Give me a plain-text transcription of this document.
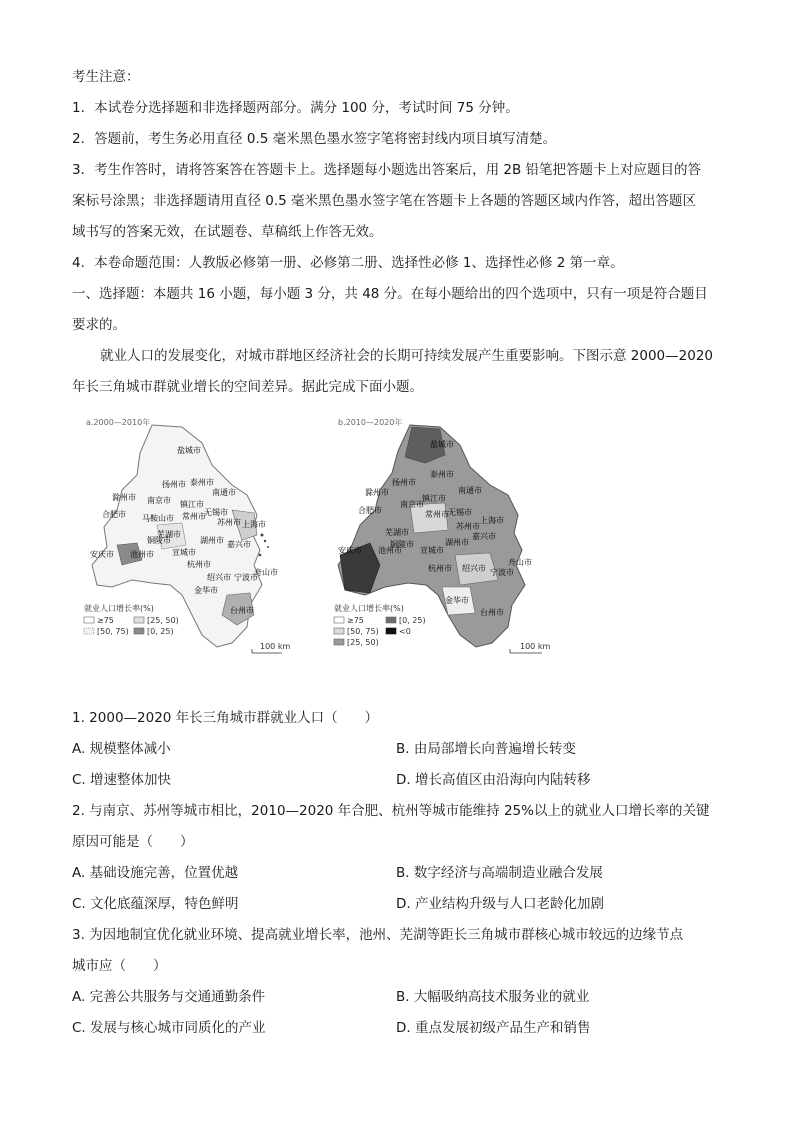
考生注意：
1．本试卷分选择题和非选择题两部分。满分 100 分，考试时间 75 分钟。
2．答题前，考生务必用直径 0.5 毫米黑色墨水签字笔将密封线内项目填写清楚。
3．考生作答时，请将答案答在答题卡上。选择题每小题选出答案后，用 2B 铅笔把答题卡上对应题目的答
案标号涂黑；非选择题请用直径 0.5 毫米黑色墨水签字笔在答题卡上各题的答题区域内作答，超出答题区
域书写的答案无效，在试题卷、草稿纸上作答无效。
4．本卷命题范围：人教版必修第一册、必修第二册、选择性必修 1、选择性必修 2 第一章。
一、选择题：本题共 16 小题，每小题 3 分，共 48 分。在每小题给出的四个选项中，只有一项是符合题目
要求的。
就业人口的发展变化，对城市群地区经济社会的长期可持续发展产生重要影响。下图示意 2000—2020
年长三角城市群就业增长的空间差异。据此完成下面小题。
a.2000—2010年
盐城市
滁州市
扬州市 泰州市
南通市
南京市 镇江市
常州市
无锡市
合肥市
芜湖市
马鞍山市	苏州市 上海市
安庆市 池州市 宣城市
湖州市 嘉兴市
杭州市
铜陵市
绍兴市 宁波市
金华市
舟山市
台州市
就业人口增长率(%)
≥75	[25, 50)
[50, 75) [0, 25)
100 km
b.2010—2020年
盐城市
滁州市
泰州市
南京市
扬州市
南通市
镇江市
常州市 无锡市
上海市
合肥市
芜湖市
苏州市
嘉兴市
安庆市 池州市
铜陵市
宣城市
湖州市
杭州市 绍兴市 宁波市
舟山市
金华市
台州市
就业人口增长率(%)
≥75	[0, 25)
[50, 75)	<0
[25, 50)	100 km
1. 2000—2020 年长三角城市群就业人口（　　）
A. 规模整体减小	B. 由局部增长向普遍增长转变
C. 增速整体加快	D. 增长高值区由沿海向内陆转移
2. 与南京、苏州等城市相比，2010—2020 年合肥、杭州等城市能维持 25%以上的就业人口增长率的关键
原因可能是（　　）
A. 基础设施完善，位置优越	B. 数字经济与高端制造业融合发展
C. 文化底蕴深厚，特色鲜明	D. 产业结构升级与人口老龄化加剧
3. 为因地制宜优化就业环境、提高就业增长率，池州、芜湖等距长三角城市群核心城市较远的边缘节点
城市应（　　）
A. 完善公共服务与交通通勤条件	B. 大幅吸纳高技术服务业的就业
C. 发展与核心城市同质化的产业	D. 重点发展初级产品生产和销售
